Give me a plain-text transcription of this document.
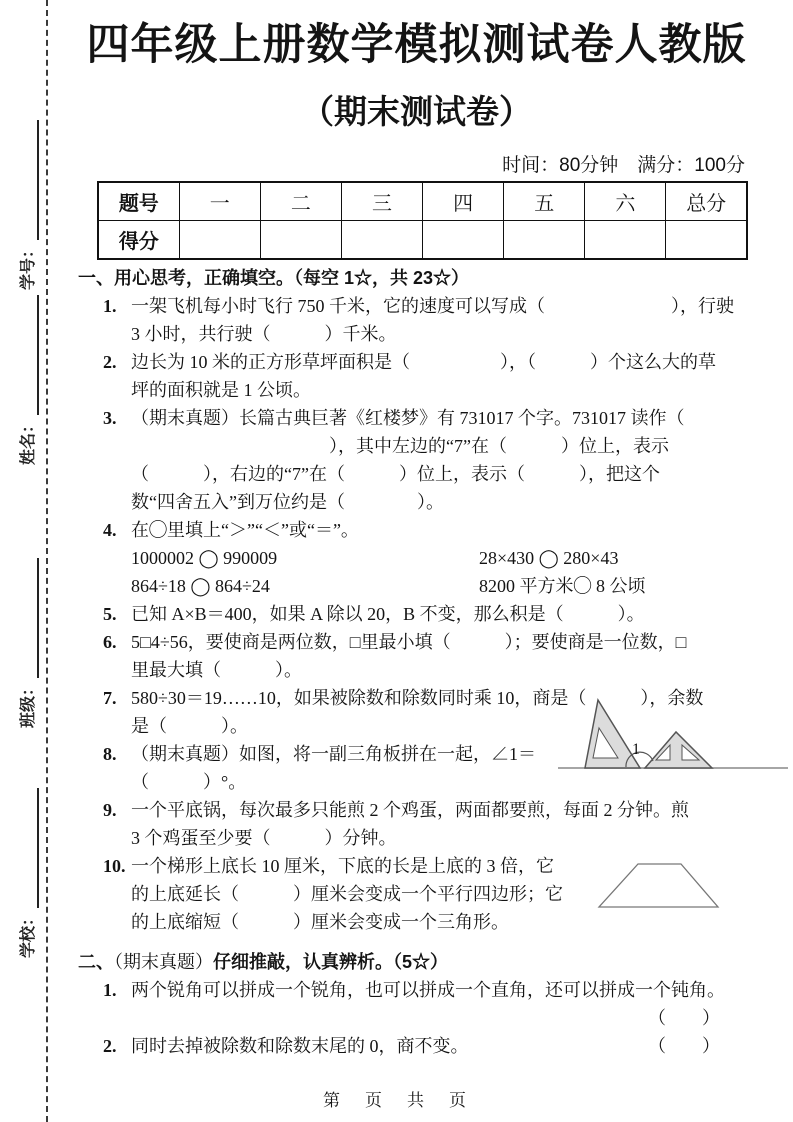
学号：
姓名：
班级：
学校：
四年级上册数学模拟测试卷人教版
（期末测试卷）
时间：80分钟　满分：100分
题号	一	二	三	四	五	六	总分
得分							
一、用心思考，正确填空。（每空 1☆，共 23☆）
1. 一架飞机每小时飞行 750 千米，它的速度可以写成（　　　　　　　），行驶
3 小时，共行驶（　　　）千米。
2. 边长为 10 米的正方形草坪面积是（　　　　　），（　　　）个这么大的草
坪的面积就是 1 公顷。
3. （期末真题）长篇古典巨著《红楼梦》有 731017 个字。731017 读作（
　　　　　　　　　　　），其中左边的“7”在（　　　）位上，表示
（　　　），右边的“7”在（　　　）位上，表示（　　　），把这个
数“四舍五入”到万位约是（　　　　）。
4. 在◯里填上“＞”“＜”或“＝”。
1000002 ◯ 990009	28×430 ◯ 280×43
864÷18 ◯ 864÷24	8200 平方米◯ 8 公顷
5. 已知 A×B＝400，如果 A 除以 20，B 不变，那么积是（　　　）。
6. 5□4÷56，要使商是两位数，□里最小填（　　　）；要使商是一位数，□
里最大填（　　　）。
7. 580÷30＝19……10，如果被除数和除数同时乘 10，商是（　　　），余数
是（　　　）。
8. （期末真题）如图，将一副三角板拼在一起，∠1＝
（　　　）°。
9. 一个平底锅，每次最多只能煎 2 个鸡蛋，两面都要煎，每面 2 分钟。煎
3 个鸡蛋至少要（　　　）分钟。
10. 一个梯形上底长 10 厘米，下底的长是上底的 3 倍，它
的上底延长（　　　）厘米会变成一个平行四边形；它
的上底缩短（　　　）厘米会变成一个三角形。
二、（期末真题）仔细推敲，认真辨析。（5☆）
1. 两个锐角可以拼成一个锐角，也可以拼成一个直角，还可以拼成一个钝角。
（　　）
2. 同时去掉被除数和除数末尾的 0，商不变。	（　　）
1
第　页　共　页
